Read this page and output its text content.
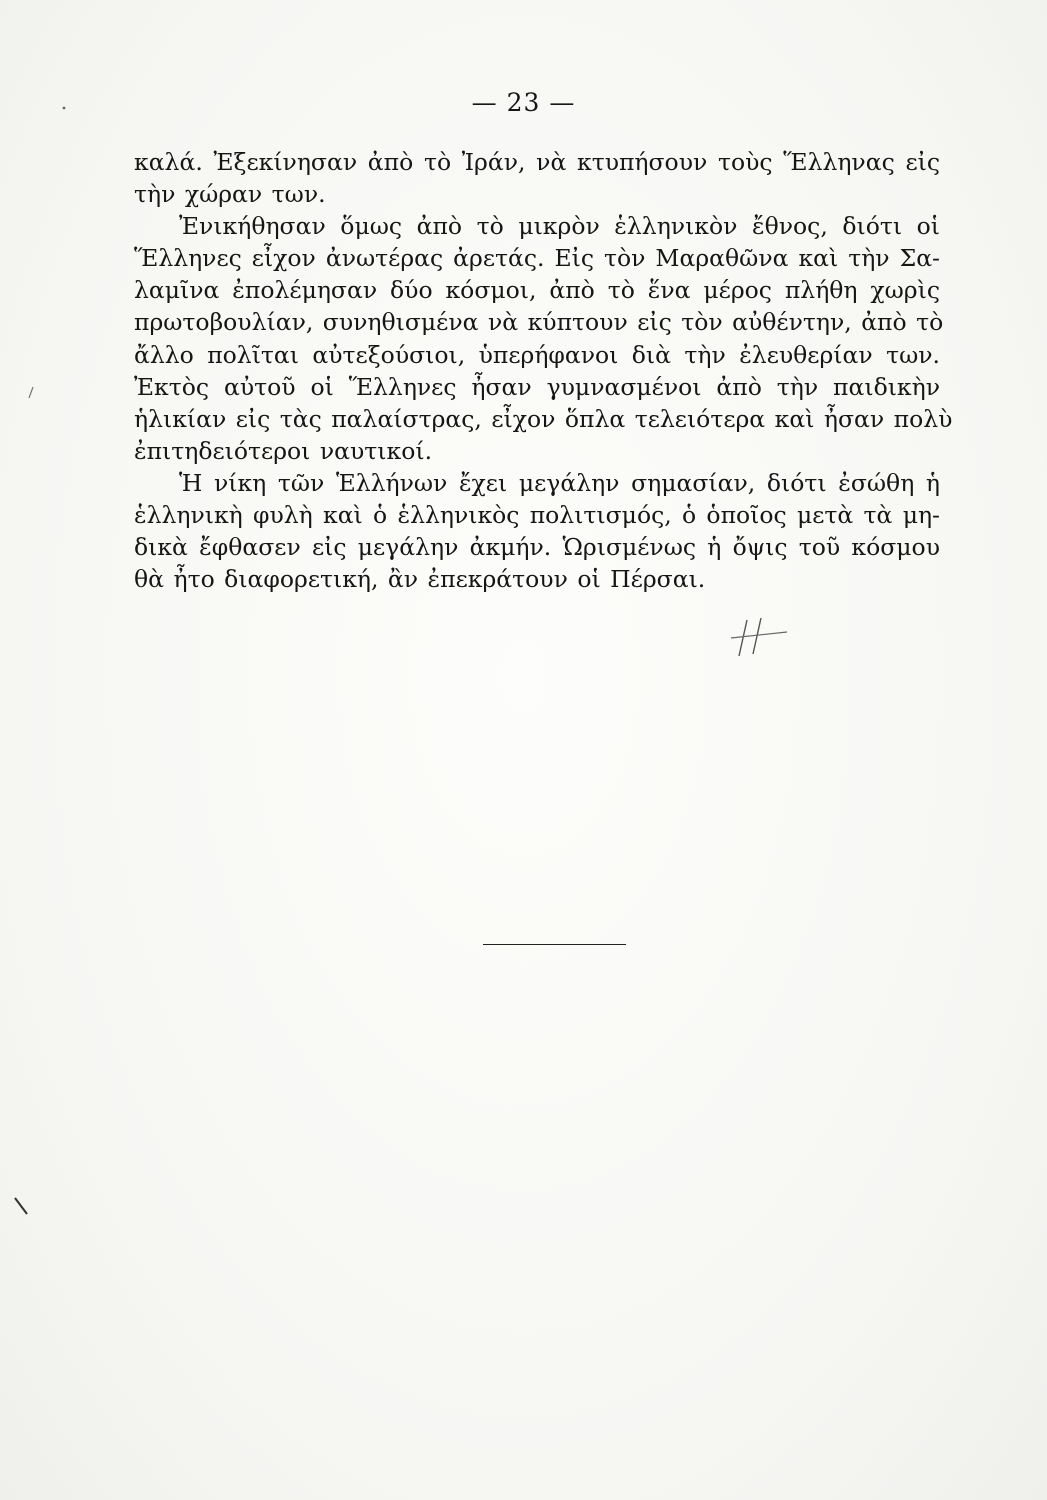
— 23 —
καλά. Ἐξεκίνησαν ἀπὸ τὸ Ἰράν, νὰ κτυπήσουν τοὺς Ἕλληνας εἰς
τὴν χώραν των.
Ἐνικήθησαν ὅμως ἀπὸ τὸ μικρὸν ἑλληνικὸν ἔθνος, διότι οἱ
Ἕλληνες εἶχον ἀνωτέρας ἀρετάς. Εἰς τὸν Μαραθῶνα καὶ τὴν Σα-
λαμῖνα ἐπολέμησαν δύο κόσμοι, ἀπὸ τὸ ἕνα μέρος πλήθη χωρὶς
πρωτοβουλίαν, συνηθισμένα νὰ κύπτουν εἰς τὸν αὐθέντην, ἀπὸ τὸ
ἄλλο πολῖται αὐτεξούσιοι, ὑπερήφανοι διὰ τὴν ἐλευθερίαν των.
Ἐκτὸς αὐτοῦ οἱ Ἕλληνες ἦσαν γυμνασμένοι ἀπὸ τὴν παιδικὴν
ἡλικίαν εἰς τὰς παλαίστρας, εἶχον ὅπλα τελειότερα καὶ ἦσαν πολὺ
ἐπιτηδειότεροι ναυτικοί.
Ἡ νίκη τῶν Ἑλλήνων ἔχει μεγάλην σημασίαν, διότι ἐσώθη ἡ
ἑλληνικὴ φυλὴ καὶ ὁ ἑλληνικὸς πολιτισμός, ὁ ὁποῖος μετὰ τὰ μη-
δικὰ ἔφθασεν εἰς μεγάλην ἀκμήν. Ὡρισμένως ἡ ὄψις τοῦ κόσμου
θὰ ἦτο διαφορετική, ἂν ἐπεκράτουν οἱ Πέρσαι.
